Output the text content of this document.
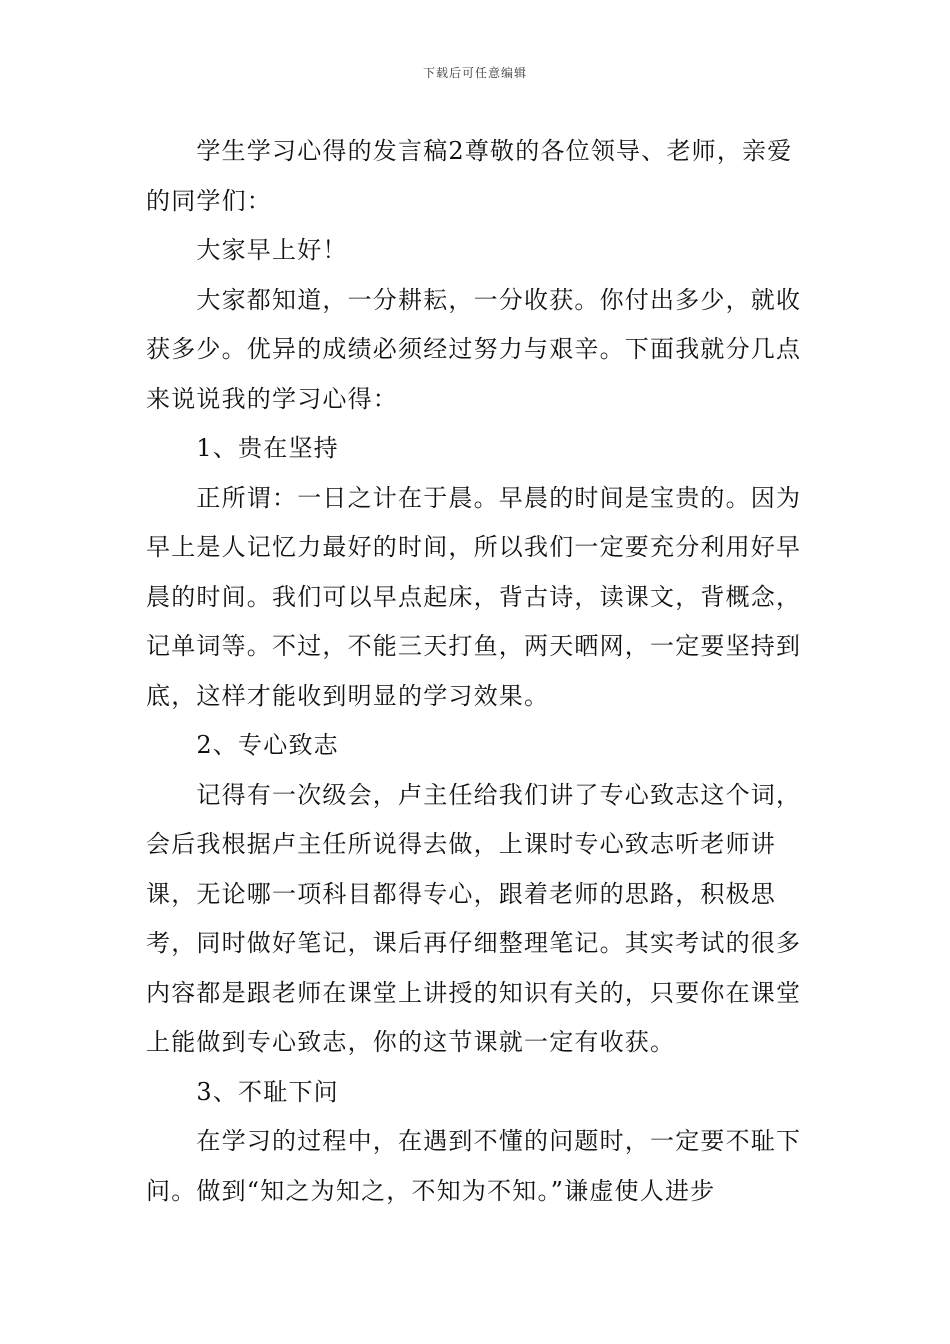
下载后可任意编辑

学生学习心得的发言稿2尊敬的各位领导、老师，亲爱的同学们：

大家早上好！

大家都知道，一分耕耘，一分收获。你付出多少，就收获多少。优异的成绩必须经过努力与艰辛。下面我就分几点来说说我的学习心得：

1、贵在坚持

正所谓：一日之计在于晨。早晨的时间是宝贵的。因为早上是人记忆力最好的时间，所以我们一定要充分利用好早晨的时间。我们可以早点起床，背古诗，读课文，背概念，记单词等。不过，不能三天打鱼，两天晒网，一定要坚持到底，这样才能收到明显的学习效果。

2、专心致志

记得有一次级会，卢主任给我们讲了专心致志这个词，会后我根据卢主任所说得去做，上课时专心致志听老师讲课，无论哪一项科目都得专心，跟着老师的思路，积极思考，同时做好笔记，课后再仔细整理笔记。其实考试的很多内容都是跟老师在课堂上讲授的知识有关的，只要你在课堂上能做到专心致志，你的这节课就一定有收获。

3、不耻下问

在学习的过程中，在遇到不懂的问题时，一定要不耻下问。做到“知之为知之，不知为不知。”谦虚使人进步
